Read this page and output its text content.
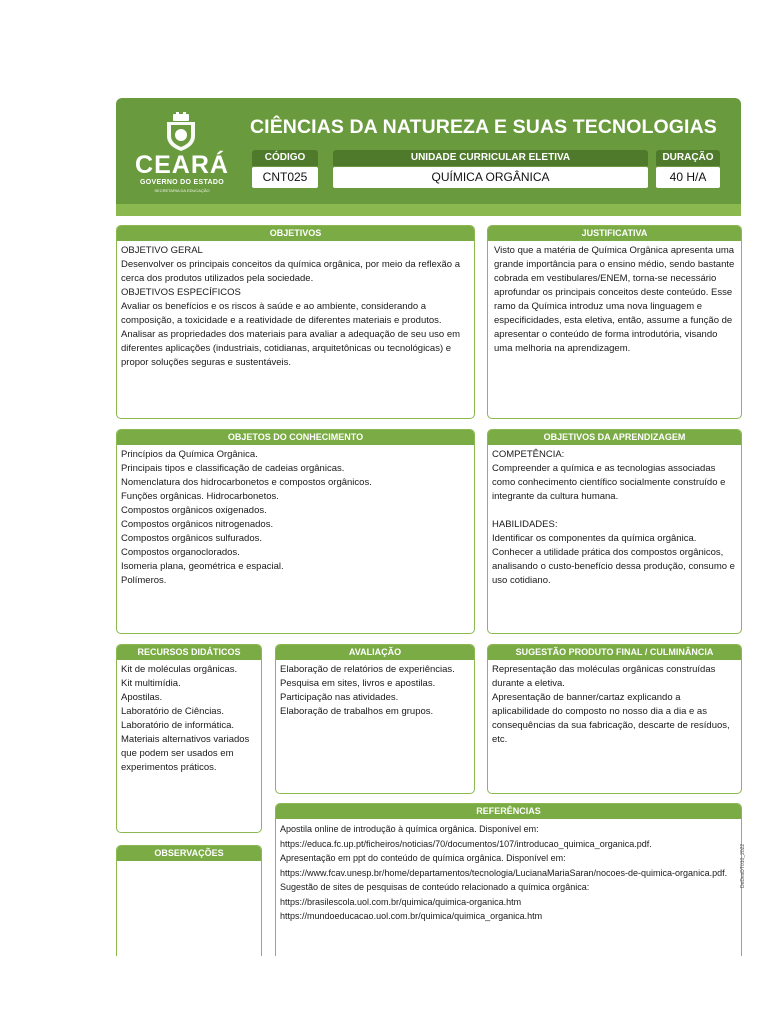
CEARÁ
GOVERNO DO ESTADO
SECRETARIA DA EDUCAÇÃO
CIÊNCIAS DA NATUREZA E SUAS TECNOLOGIAS
CÓDIGO
CNT025
UNIDADE CURRICULAR ELETIVA
QUÍMICA ORGÂNICA
DURAÇÃO
40 H/A
OBJETIVOS

OBJETIVO GERAL

Desenvolver os principais conceitos da química orgânica, por meio da reflexão a cerca dos produtos utilizados pela sociedade.

OBJETIVOS ESPECÍFICOS

Avaliar os benefícios e os riscos à saúde e ao ambiente, considerando a composição, a toxicidade e a reatividade de diferentes materiais e produtos.

Analisar as propriedades dos materiais para avaliar a adequação de seu uso em diferentes aplicações (industriais, cotidianas, arquitetônicas ou tecnológicas) e propor soluções seguras e sustentáveis.

JUSTIFICATIVA

Visto que a matéria de Química Orgânica apresenta uma grande importância para o ensino médio, sendo bastante cobrada em vestibulares/ENEM, torna-se necessário aprofundar os principais conceitos deste conteúdo. Esse ramo da Química introduz uma nova linguagem e especificidades, esta eletiva, então, assume a função de apresentar o conteúdo de forma introdutória, visando uma melhoria na aprendizagem.

OBJETOS DO CONHECIMENTO

Princípios da Química Orgânica.

Principais tipos e classificação de cadeias orgânicas.

Nomenclatura dos hidrocarbonetos e compostos orgânicos.

Funções orgânicas. Hidrocarbonetos.

Compostos orgânicos oxigenados.

Compostos orgânicos nitrogenados.

Compostos orgânicos sulfurados.

Compostos organoclorados.

Isomeria plana, geométrica e espacial.

Polímeros.

OBJETIVOS DA APRENDIZAGEM

COMPETÊNCIA:

Compreender a química e as tecnologias associadas como conhecimento científico socialmente construído e integrante da cultura humana.

HABILIDADES:

Identificar os componentes da química orgânica.

Conhecer a utilidade prática dos compostos orgânicos, analisando o custo-benefício dessa produção, consumo e uso cotidiano.

RECURSOS DIDÁTICOS

Kit de moléculas orgânicas.

Kit multimídia.

Apostilas.

Laboratório de Ciências.

Laboratório de informática.

Materiais alternativos variados que podem ser usados em experimentos práticos.

AVALIAÇÃO

Elaboração de relatórios de experiências.

Pesquisa em sites, livros e apostilas.

Participação nas atividades.

Elaboração de trabalhos em grupos.

SUGESTÃO PRODUTO FINAL / CULMINÂNCIA

Representação das moléculas orgânicas construídas durante a eletiva.

Apresentação de banner/cartaz explicando a aplicabilidade do composto no nosso dia a dia e as consequências da sua fabricação, descarte de resíduos, etc.

OBSERVAÇÕES
REFERÊNCIAS

Apostila online de introdução à química orgânica. Disponível em:

https://educa.fc.up.pt/ficheiros/noticias/70/documentos/107/introducao_quimica_organica.pdf.

Apresentação em ppt do conteúdo de química orgânica. Disponível em:

https://www.fcav.unesp.br/home/departamentos/tecnologia/LucianaMariaSaran/nocoes-de-quimica-organica.pdf.

Sugestão de sites de pesquisas de conteúdo relacionado a química orgânica:

https://brasilescola.uol.com.br/quimica/quimica-organica.htm

https://mundoeducacao.uol.com.br/quimica/quimica_organica.htm

DeDesDT010_2022
